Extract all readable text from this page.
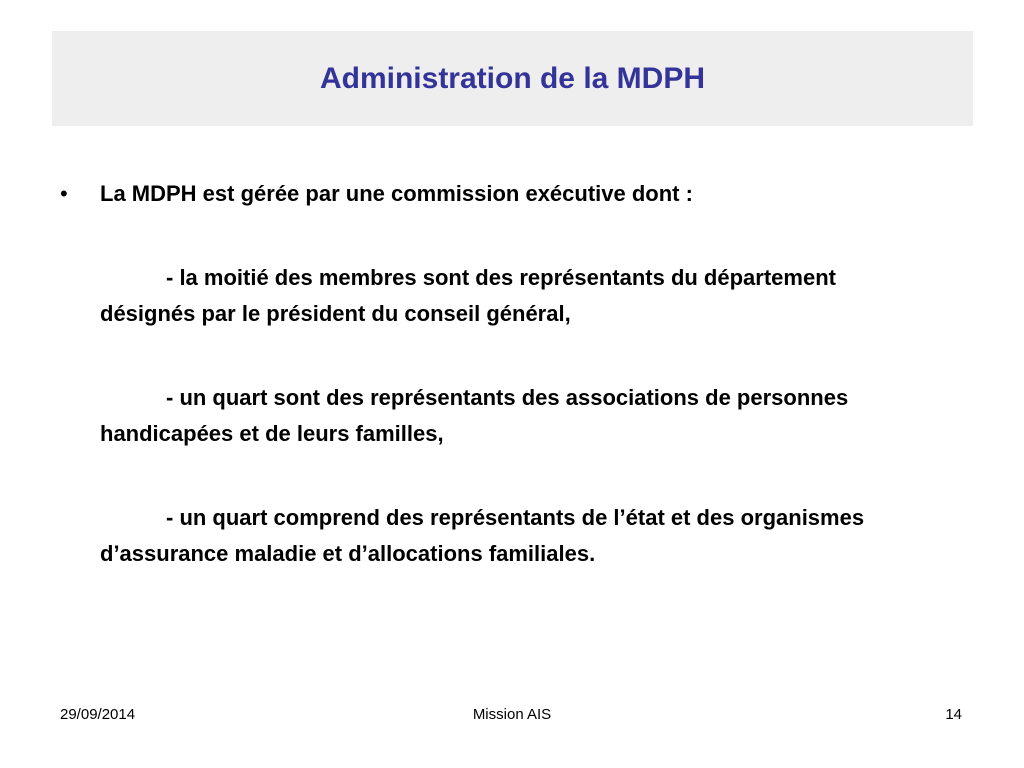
Administration de la MDPH
• La MDPH est gérée par une commission exécutive dont :
- la moitié des membres sont des représentants du département désignés par le président du conseil général,
- un quart sont des représentants des associations de personnes handicapées et de leurs familles,
- un quart comprend des représentants de l’état et des organismes d’assurance maladie et d’allocations familiales.
29/09/2014	Mission AIS	14
